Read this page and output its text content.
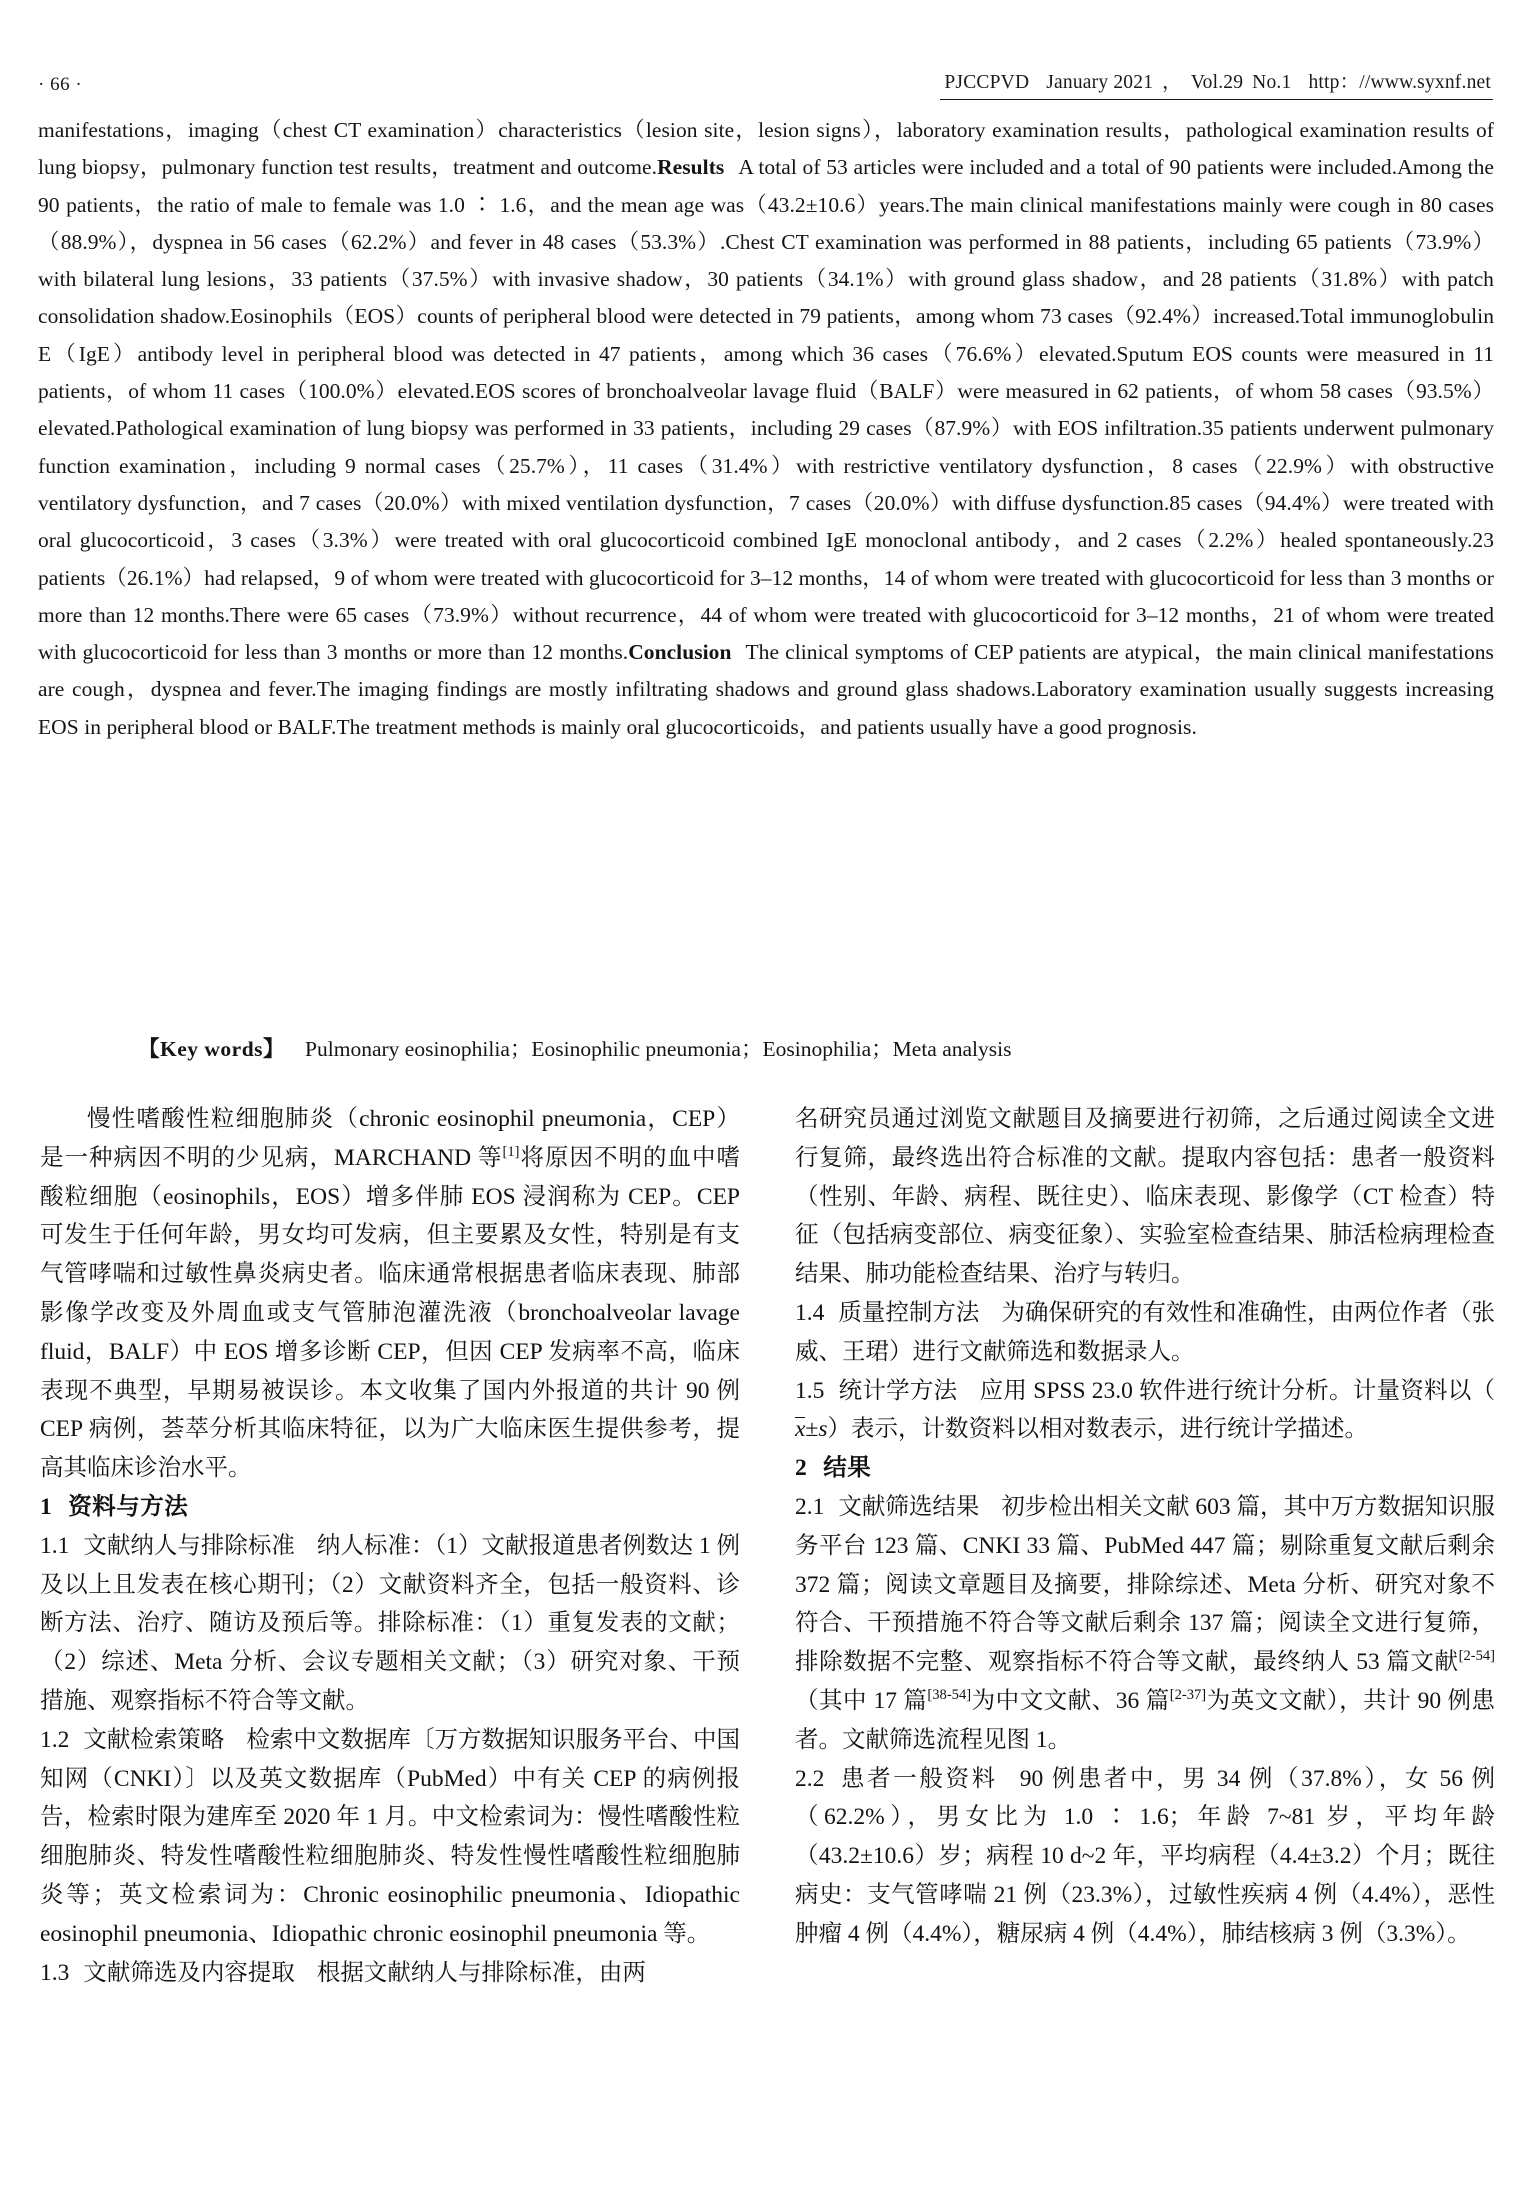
· 66 ·	PJCCPVD January 2021 ， Vol.29 No.1 http：//www.syxnf.net

manifestations，imaging（chest CT examination）characteristics（lesion site，lesion signs），laboratory examination results，pathological examination results of lung biopsy，pulmonary function test results，treatment and outcome.Results A total of 53 articles were included and a total of 90 patients were included.Among the 90 patients，the ratio of male to female was 1.0 ∶ 1.6，and the mean age was（43.2±10.6）years.The main clinical manifestations mainly were cough in 80 cases（88.9%），dyspnea in 56 cases（62.2%）and fever in 48 cases（53.3%）.Chest CT examination was performed in 88 patients，including 65 patients（73.9%）with bilateral lung lesions，33 patients（37.5%）with invasive shadow，30 patients（34.1%）with ground glass shadow，and 28 patients（31.8%）with patch consolidation shadow.Eosinophils（EOS）counts of peripheral blood were detected in 79 patients，among whom 73 cases（92.4%）increased.Total immunoglobulin E（IgE）antibody level in peripheral blood was detected in 47 patients，among which 36 cases（76.6%）elevated.Sputum EOS counts were measured in 11 patients，of whom 11 cases（100.0%）elevated.EOS scores of bronchoalveolar lavage fluid（BALF）were measured in 62 patients，of whom 58 cases（93.5%）elevated.Pathological examination of lung biopsy was performed in 33 patients，including 29 cases（87.9%）with EOS infiltration.35 patients underwent pulmonary function examination，including 9 normal cases（25.7%），11 cases（31.4%）with restrictive ventilatory dysfunction，8 cases（22.9%）with obstructive ventilatory dysfunction，and 7 cases（20.0%）with mixed ventilation dysfunction，7 cases（20.0%）with diffuse dysfunction.85 cases（94.4%）were treated with oral glucocorticoid，3 cases（3.3%）were treated with oral glucocorticoid combined IgE monoclonal antibody，and 2 cases（2.2%）healed spontaneously.23 patients（26.1%）had relapsed，9 of whom were treated with glucocorticoid for 3–12 months，14 of whom were treated with glucocorticoid for less than 3 months or more than 12 months.There were 65 cases（73.9%）without recurrence，44 of whom were treated with glucocorticoid for 3–12 months，21 of whom were treated with glucocorticoid for less than 3 months or more than 12 months.Conclusion The clinical symptoms of CEP patients are atypical，the main clinical manifestations are cough，dyspnea and fever.The imaging findings are mostly infiltrating shadows and ground glass shadows.Laboratory examination usually suggests increasing EOS in peripheral blood or BALF.The treatment methods is mainly oral glucocorticoids，and patients usually have a good prognosis.

【Key words】 Pulmonary eosinophilia；Eosinophilic pneumonia；Eosinophilia；Meta analysis

慢性嗜酸性粒细胞肺炎（chronic eosinophil pneumonia，CEP）是一种病因不明的少见病，MARCHAND 等[1]将原因不明的血中嗜酸粒细胞（eosinophils，EOS）增多伴肺 EOS 浸润称为 CEP。CEP 可发生于任何年龄，男女均可发病，但主要累及女性，特别是有支气管哮喘和过敏性鼻炎病史者。临床通常根据患者临床表现、肺部影像学改变及外周血或支气管肺泡灌洗液（bronchoalveolar lavage fluid，BALF）中 EOS 增多诊断 CEP，但因 CEP 发病率不高，临床表现不典型，早期易被误诊。本文收集了国内外报道的共计 90 例 CEP 病例，荟萃分析其临床特征，以为广大临床医生提供参考，提高其临床诊治水平。

1 资料与方法

1.1 文献纳人与排除标准 纳人标准：（1）文献报道患者例数达 1 例及以上且发表在核心期刊；（2）文献资料齐全，包括一般资料、诊断方法、治疗、随访及预后等。排除标准：（1）重复发表的文献；（2）综述、Meta 分析、会议专题相关文献；（3）研究对象、干预措施、观察指标不符合等文献。

1.2 文献检索策略 检索中文数据库〔万方数据知识服务平台、中国知网（CNKI）〕以及英文数据库（PubMed）中有关 CEP 的病例报告，检索时限为建库至 2020 年 1 月。中文检索词为：慢性嗜酸性粒细胞肺炎、特发性嗜酸性粒细胞肺炎、特发性慢性嗜酸性粒细胞肺炎等；英文检索词为：Chronic eosinophilic pneumonia、Idiopathic eosinophil pneumonia、Idiopathic chronic eosinophil pneumonia 等。

1.3 文献筛选及内容提取 根据文献纳人与排除标准，由两

名研究员通过浏览文献题目及摘要进行初筛，之后通过阅读全文进行复筛，最终选出符合标准的文献。提取内容包括：患者一般资料（性别、年龄、病程、既往史）、临床表现、影像学（CT 检查）特征（包括病变部位、病变征象）、实验室检查结果、肺活检病理检查结果、肺功能检查结果、治疗与转归。

1.4 质量控制方法 为确保研究的有效性和准确性，由两位作者（张威、王珺）进行文献筛选和数据录人。

1.5 统计学方法 应用 SPSS 23.0 软件进行统计分析。计量资料以（x±s）表示，计数资料以相对数表示，进行统计学描述。

2 结果

2.1 文献筛选结果 初步检出相关文献 603 篇，其中万方数据知识服务平台 123 篇、CNKI 33 篇、PubMed 447 篇；剔除重复文献后剩余 372 篇；阅读文章题目及摘要，排除综述、Meta 分析、研究对象不符合、干预措施不符合等文献后剩余 137 篇；阅读全文进行复筛，排除数据不完整、观察指标不符合等文献，最终纳人 53 篇文献[2-54]（其中 17 篇[38-54]为中文文献、36 篇[2-37]为英文文献），共计 90 例患者。文献筛选流程见图 1。

2.2 患者一般资料 90 例患者中，男 34 例（37.8%），女 56 例（62.2%），男女比为 1.0 ∶ 1.6；年龄 7~81 岁，平均年龄（43.2±10.6）岁；病程 10 d~2 年，平均病程（4.4±3.2）个月；既往病史：支气管哮喘 21 例（23.3%），过敏性疾病 4 例（4.4%），恶性肿瘤 4 例（4.4%），糖尿病 4 例（4.4%），肺结核病 3 例（3.3%）。
